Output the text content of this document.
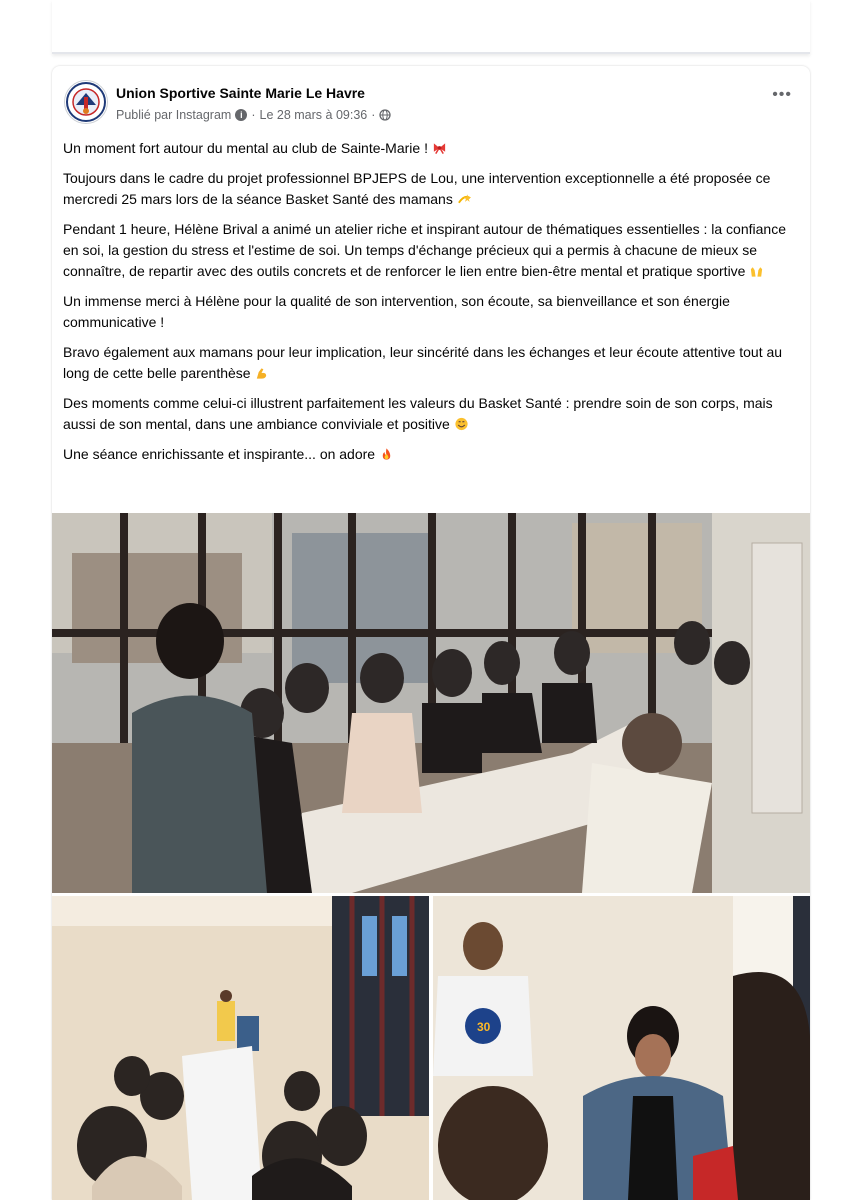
Union Sportive Sainte Marie Le Havre
Publié par Instagram i · Le 28 mars à 09:36 ·
•••

Un moment fort autour du mental au club de Sainte-Marie !

Toujours dans le cadre du projet professionnel BPJEPS de Lou, une intervention exceptionnelle a été proposée ce mercredi 25 mars lors de la séance Basket Santé des mamans

Pendant 1 heure, Hélène Brival a animé un atelier riche et inspirant autour de thématiques essentielles : la confiance en soi, la gestion du stress et l'estime de soi. Un temps d'échange précieux qui a permis à chacune de mieux se connaître, de repartir avec des outils concrets et de renforcer le lien entre bien-être mental et pratique sportive

Un immense merci à Hélène pour la qualité de son intervention, son écoute, sa bienveillance et son énergie communicative !

Bravo également aux mamans pour leur implication, leur sincérité dans les échanges et leur écoute attentive tout au long de cette belle parenthèse

Des moments comme celui-ci illustrent parfaitement les valeurs du Basket Santé : prendre soin de son corps, mais aussi de son mental, dans une ambiance conviviale et positive

Une séance enrichissante et inspirante... on adore

30
